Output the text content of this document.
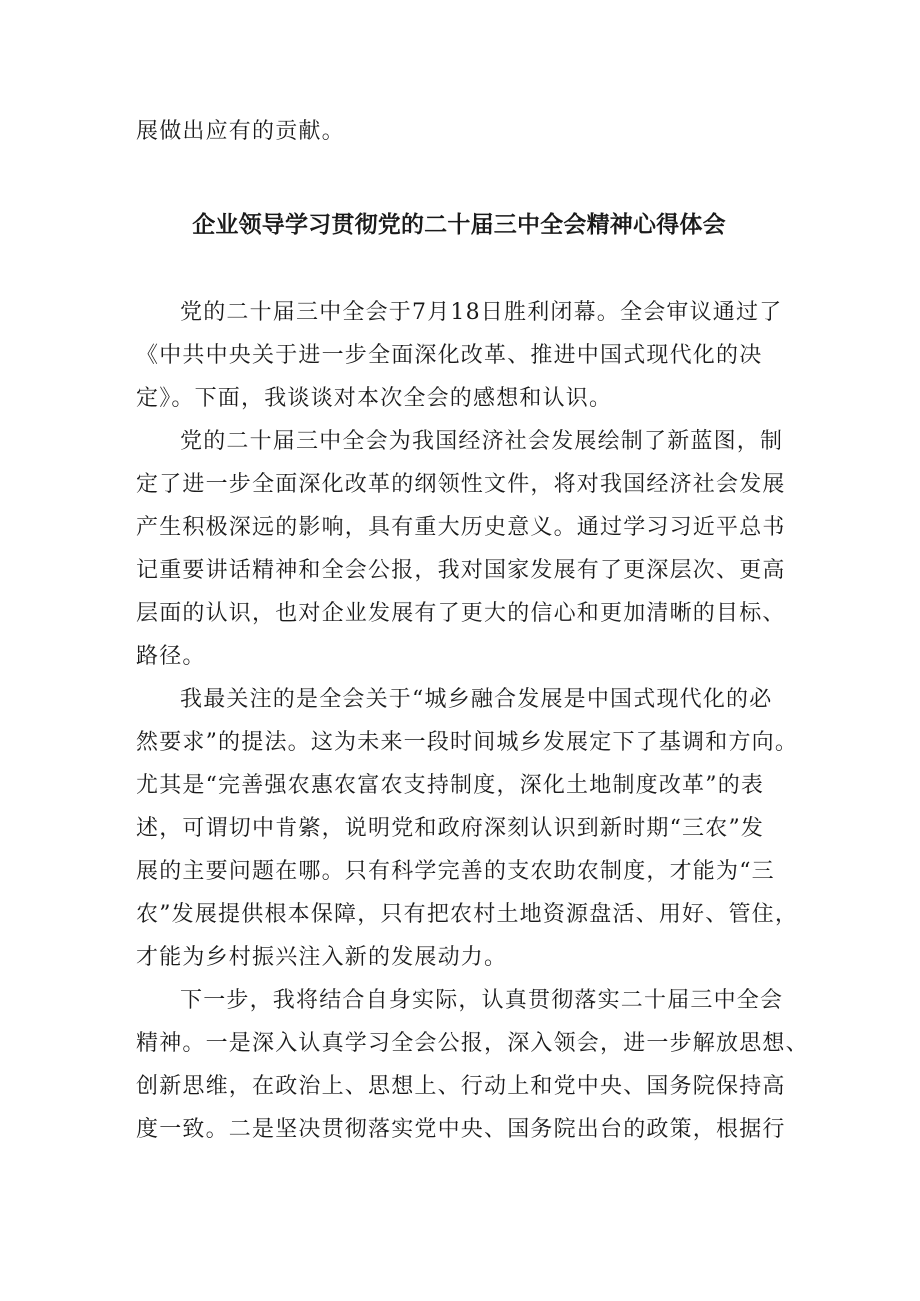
展做出应有的贡献。

企业领导学习贯彻党的二十届三中全会精神心得体会

党的二十届三中全会于7月18日胜利闭幕。全会审议通过了

《中共中央关于进一步全面深化改革、推进中国式现代化的决

定》。下面，我谈谈对本次全会的感想和认识。

党的二十届三中全会为我国经济社会发展绘制了新蓝图，制

定了进一步全面深化改革的纲领性文件，将对我国经济社会发展

产生积极深远的影响，具有重大历史意义。通过学习习近平总书

记重要讲话精神和全会公报，我对国家发展有了更深层次、更高

层面的认识，也对企业发展有了更大的信心和更加清晰的目标、

路径。

我最关注的是全会关于“城乡融合发展是中国式现代化的必

然要求”的提法。这为未来一段时间城乡发展定下了基调和方向。

尤其是“完善强农惠农富农支持制度，深化土地制度改革”的表

述，可谓切中肯綮，说明党和政府深刻认识到新时期“三农”发

展的主要问题在哪。只有科学完善的支农助农制度，才能为“三

农”发展提供根本保障，只有把农村土地资源盘活、用好、管住，

才能为乡村振兴注入新的发展动力。

下一步，我将结合自身实际，认真贯彻落实二十届三中全会

精神。一是深入认真学习全会公报，深入领会，进一步解放思想、

创新思维，在政治上、思想上、行动上和党中央、国务院保持高

度一致。二是坚决贯彻落实党中央、国务院出台的政策，根据行
